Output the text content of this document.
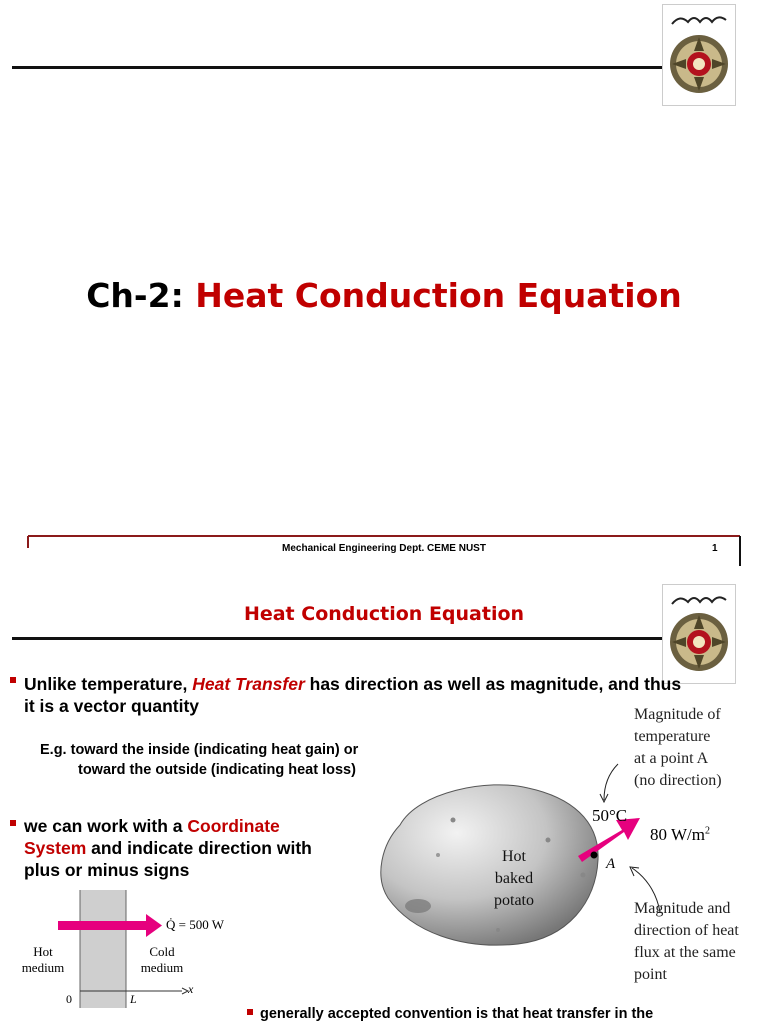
Ch-2: Heat Conduction Equation
Mechanical Engineering Dept. CEME NUST	1
Heat Conduction Equation
Unlike temperature, Heat Transfer has direction as well as magnitude, and thus
it is a vector quantity
E.g. toward the inside (indicating heat gain) or
toward the outside (indicating heat loss)
we can work with a Coordinate
System and indicate direction with
plus or minus signs
Q̇ = 500 W
Hot
medium
Cold
medium
0	L
x
Hot
baked
potato
50°C
80 $W/m^2$
A
Magnitude of
temperature
at a point A
(no direction)
Magnitude and
direction of heat
flux at the same
point
generally accepted convention is that heat transfer in the
